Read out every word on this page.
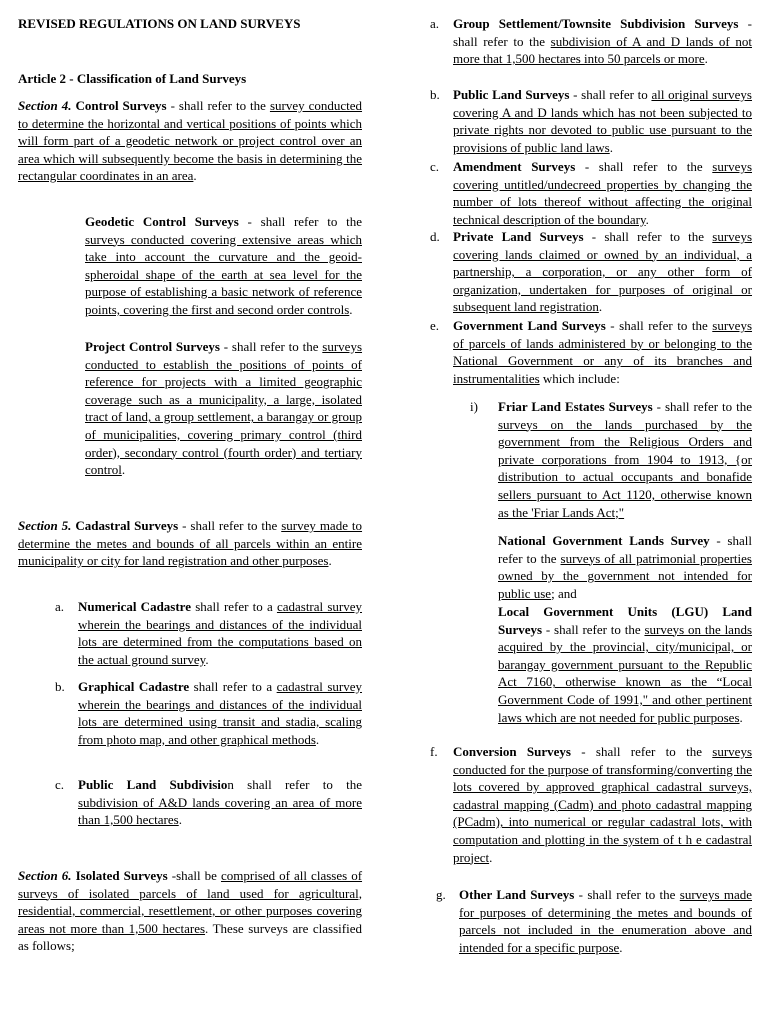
REVISED REGULATIONS ON LAND SURVEYS
Article 2 - Classification of Land Surveys

Section 4. Control Surveys - shall refer to the survey conducted to determine the horizontal and vertical positions of points which will form part of a geodetic network or project control over an area which will subsequently become the basis in determining the rectangular coordinates in an area.

Geodetic Control Surveys - shall refer to the surveys conducted covering extensive areas which take into account the curvature and the geoid-spheroidal shape of the earth at sea level for the purpose of establishing a basic network of reference points, covering the first and second order controls.

Project Control Surveys - shall refer to the surveys conducted to establish the positions of points of reference for projects with a limited geographic coverage such as a municipality, a large, isolated tract of land, a group settlement, a barangay or group of municipalities, covering primary control (third order), secondary control (fourth order) and tertiary control.

Section 5. Cadastral Surveys - shall refer to the survey made to determine the metes and bounds of all parcels within an entire municipality or city for land registration and other purposes.

a.	Numerical Cadastre shall refer to a cadastral survey wherein the bearings and distances of the individual lots are determined from the computations based on the actual ground survey.

b.	Graphical Cadastre shall refer to a cadastral survey wherein the bearings and distances of the individual lots are determined using transit and stadia, scaling from photo map, and other graphical methods.

c.	Public Land Subdivision shall refer to the subdivision of A&D lands covering an area of more than 1,500 hectares.

Section 6. Isolated Surveys -shall be comprised of all classes of surveys of isolated parcels of land used for agricultural, residential, commercial, resettlement, or other purposes covering areas not more than 1,500 hectares. These surveys are classified as follows;

a.	Group Settlement/Townsite Subdivision Surveys - shall refer to the subdivision of A and D lands of not more that 1,500 hectares into 50 parcels or more.

b.	Public Land Surveys - shall refer to all original surveys covering A and D lands which has not been subjected to private rights nor devoted to public use pursuant to the provisions of public land laws.

c.	Amendment Surveys - shall refer to the surveys covering untitled/undecreed properties by changing the number of lots thereof without affecting the original technical description of the boundary.

d.	Private Land Surveys - shall refer to the surveys covering lands claimed or owned by an individual, a partnership, a corporation, or any other form of organization, undertaken for purposes of original or subsequent land registration.

e.	Government Land Surveys - shall refer to the surveys of parcels of lands administered by or belonging to the National Government or any of its branches and instrumentalities which include:

i)	Friar Land Estates Surveys - shall refer to the surveys on the lands purchased by the government from the Religious Orders and private corporations from 1904 to 1913, {or distribution to actual occupants and bonafide sellers pursuant to Act 1120, otherwise known as the 'Friar Lands Act;"

National Government Lands Survey - shall refer to the surveys of all patrimonial properties owned by the government not intended for public use; and

Local Government Units (LGU) Land Surveys - shall refer to the surveys on the lands acquired by the provincial, city/municipal, or barangay government pursuant to the Republic Act 7160, otherwise known as the “Local Government Code of 1991," and other pertinent laws which are not needed for public purposes.

f.	Conversion Surveys - shall refer to the surveys conducted for the purpose of transforming/converting the lots covered by approved graphical cadastral surveys, cadastral mapping (Cadm) and photo cadastral mapping (PCadm), into numerical or regular cadastral lots, with computation and plotting in the system of t h e cadastral project.

g.	Other Land Surveys - shall refer to the surveys made for purposes of determining the metes and bounds of parcels not included in the enumeration above and intended for a specific purpose.
